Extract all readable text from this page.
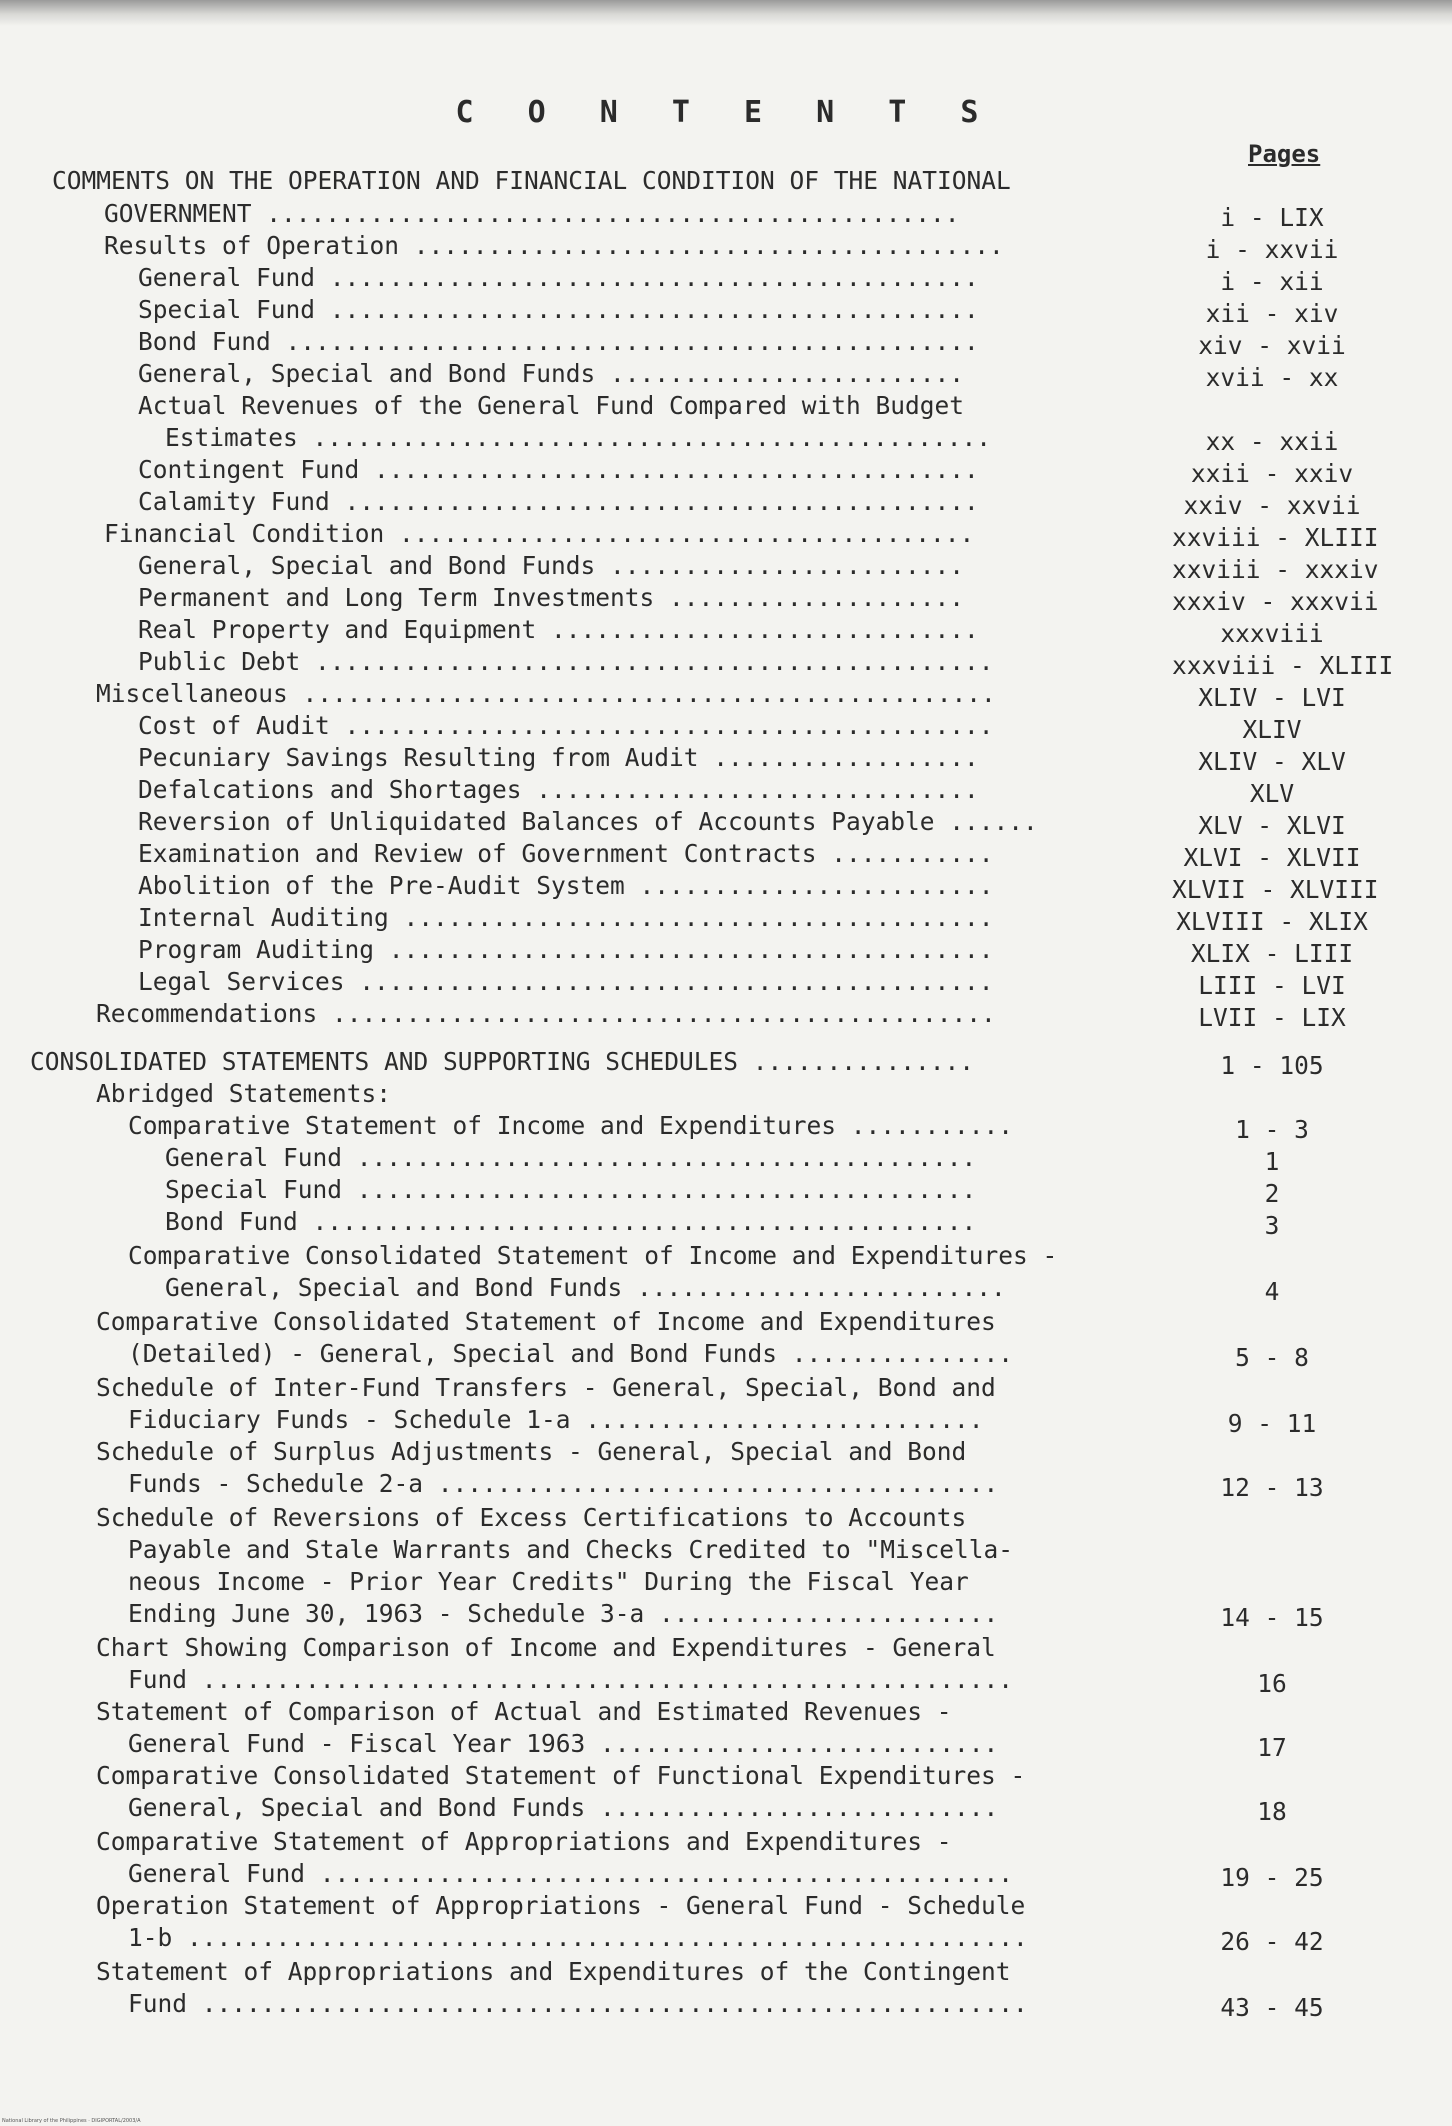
C O N T E N T S
Pages
COMMENTS ON THE OPERATION AND FINANCIAL CONDITION OF THE NATIONAL
GOVERNMENT ...............................................	i - LIX
Results of Operation ........................................	i - xxvii
General Fund ............................................	i - xii
Special Fund ............................................	xii - xiv
Bond Fund ...............................................	xiv - xvii
General, Special and Bond Funds ........................	xvii - xx
Actual Revenues of the General Fund Compared with Budget
Estimates ..............................................	xx - xxii
Contingent Fund .........................................	xxii - xxiv
Calamity Fund ...........................................	xxiv - xxvii
Financial Condition .......................................	xxviii - XLIII
General, Special and Bond Funds ........................	xxviii - xxxiv
Permanent and Long Term Investments ....................	xxxiv - xxxvii
Real Property and Equipment .............................	xxxviii
Public Debt ..............................................	xxxviii - XLIII
Miscellaneous ...............................................	XLIV - LVI
Cost of Audit ............................................	XLIV
Pecuniary Savings Resulting from Audit ..................	XLIV - XLV
Defalcations and Shortages ..............................	XLV
Reversion of Unliquidated Balances of Accounts Payable ......	XLV - XLVI
Examination and Review of Government Contracts ...........	XLVI - XLVII
Abolition of the Pre-Audit System ........................	XLVII - XLVIII
Internal Auditing ........................................	XLVIII - XLIX
Program Auditing .........................................	XLIX - LIII
Legal Services ...........................................	LIII - LVI
Recommendations .............................................	LVII - LIX
CONSOLIDATED STATEMENTS AND SUPPORTING SCHEDULES ...............	1 - 105
Abridged Statements:
Comparative Statement of Income and Expenditures ...........	1 - 3
General Fund ..........................................	1
Special Fund ..........................................	2
Bond Fund .............................................	3
Comparative Consolidated Statement of Income and Expenditures -
General, Special and Bond Funds .........................	4
Comparative Consolidated Statement of Income and Expenditures
(Detailed) - General, Special and Bond Funds ...............	5 - 8
Schedule of Inter-Fund Transfers - General, Special, Bond and
Fiduciary Funds - Schedule 1-a ...........................	9 - 11
Schedule of Surplus Adjustments - General, Special and Bond
Funds - Schedule 2-a ......................................	12 - 13
Schedule of Reversions of Excess Certifications to Accounts
Payable and Stale Warrants and Checks Credited to "Miscella-
neous Income - Prior Year Credits" During the Fiscal Year
Ending June 30, 1963 - Schedule 3-a .......................	14 - 15
Chart Showing Comparison of Income and Expenditures - General
Fund .......................................................	16
Statement of Comparison of Actual and Estimated Revenues -
General Fund - Fiscal Year 1963 ...........................	17
Comparative Consolidated Statement of Functional Expenditures -
General, Special and Bond Funds ...........................	18
Comparative Statement of Appropriations and Expenditures -
General Fund ...............................................	19 - 25
Operation Statement of Appropriations - General Fund - Schedule
1-b .........................................................	26 - 42
Statement of Appropriations and Expenditures of the Contingent
Fund ........................................................	43 - 45
National Library of the Philippines · DIGIPORTAL/2003/A
